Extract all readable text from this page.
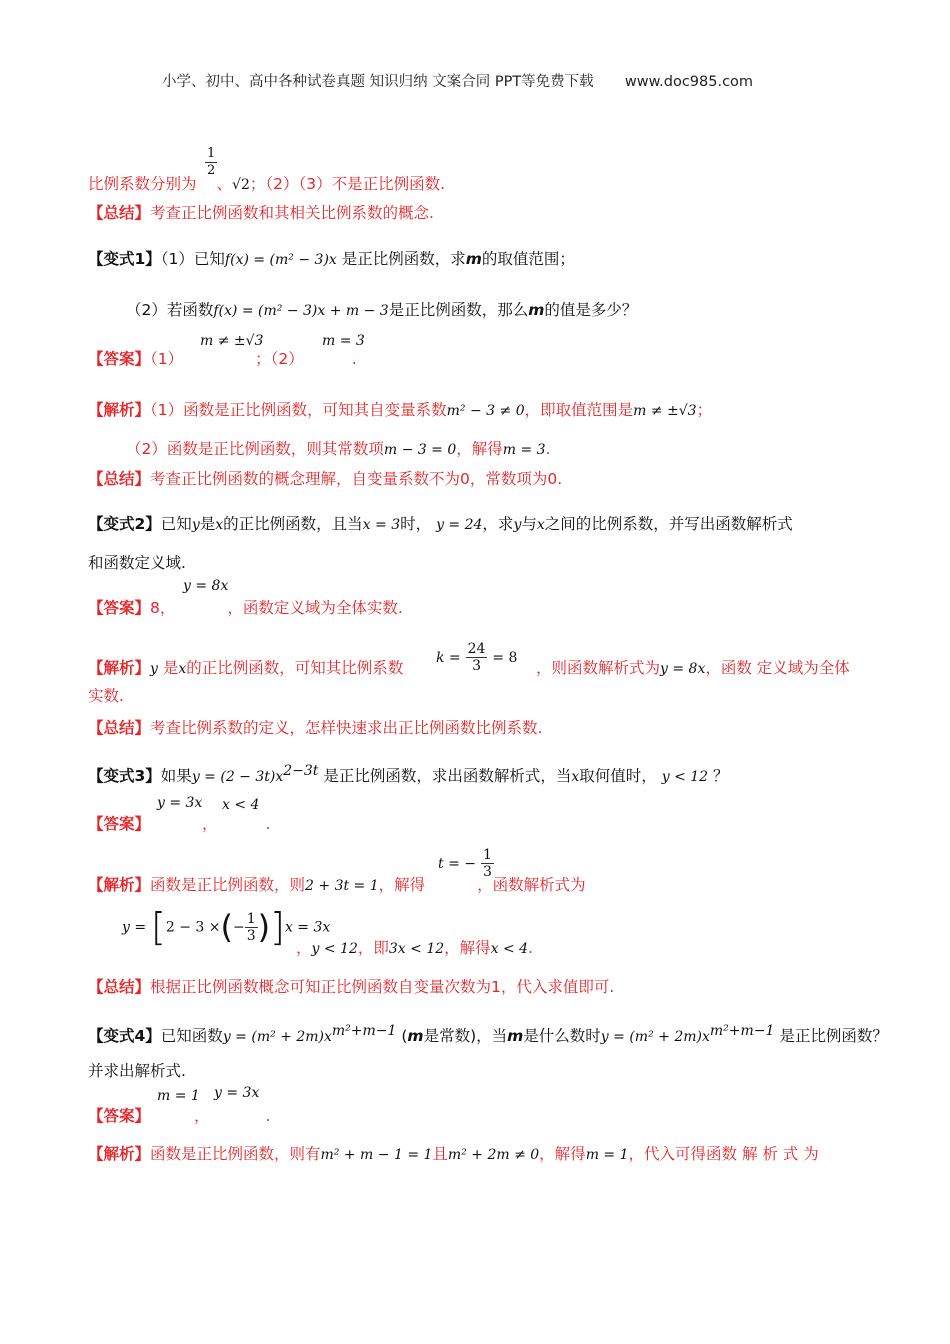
小学、初中、高中各种试卷真题 知识归纳 文案合同 PPT等免费下载 www.doc985.com
$\frac{1}{2}$
比例系数分别为 、√2；（2）（3）不是正比例函数.
【总结】考查正比例函数和其相关比例系数的概念.
【变式1】（1）已知f(x) = (m² − 3)x 是正比例函数，求m的取值范围；
（2）若函数f(x) = (m² − 3)x + m − 3是正比例函数，那么m的值是多少？
m ≠ ±√3	m = 3
【答案】（1）	；（2）	.
【解析】（1）函数是正比例函数，可知其自变量系数m² − 3 ≠ 0，即取值范围是m ≠ ±√3；
（2）函数是正比例函数，则其常数项m − 3 = 0，解得m = 3.
【总结】考查正比例函数的概念理解，自变量系数不为0，常数项为0.
【变式2】已知y是x的正比例函数，且当x = 3时， y = 24，求y与x之间的比例系数，并写出函数解析式
和函数定义域.
y = 8x
【答案】8，	，函数定义域为全体实数.
【解析】y 是x的正比例函数，可知其比例系数
$k = \frac{24}{3} = 8$
，则函数解析式为y = 8x，函数 定义域为全体
实数.
【总结】考查比例系数的定义，怎样快速求出正比例函数比例系数.
【变式3】如果$y = (2 - 3t)x^{2-3t}$ 是正比例函数，求出函数解析式，当x取何值时， y < 12 ？
y = 3x x < 4
【答案】	，	.
t = − $\frac{1}{3}$
【解析】函数是正比例函数，则2 + 3t = 1，解得	，函数解析式为
y = [2 − 3 ×(− $\frac{1}{3} )]x = 3x$
，y < 12，即3x < 12，解得x < 4.
【总结】根据正比例函数概念可知正比例函数自变量次数为1，代入求值即可.
【变式4】已知函数$y = (m^2 + 2m)x^{m^2+m-1}$ (m是常数)，当m是什么数时$y = (m^2 + 2m)x^{m^2+m-1}$ 是正比例函数？
并求出解析式.
m = 1 y = 3x
【答案】	，	.
【解析】函数是正比例函数，则有m² + m − 1 = 1且m² + 2m ≠ 0，解得m = 1，代入可得函数 解 析 式 为
